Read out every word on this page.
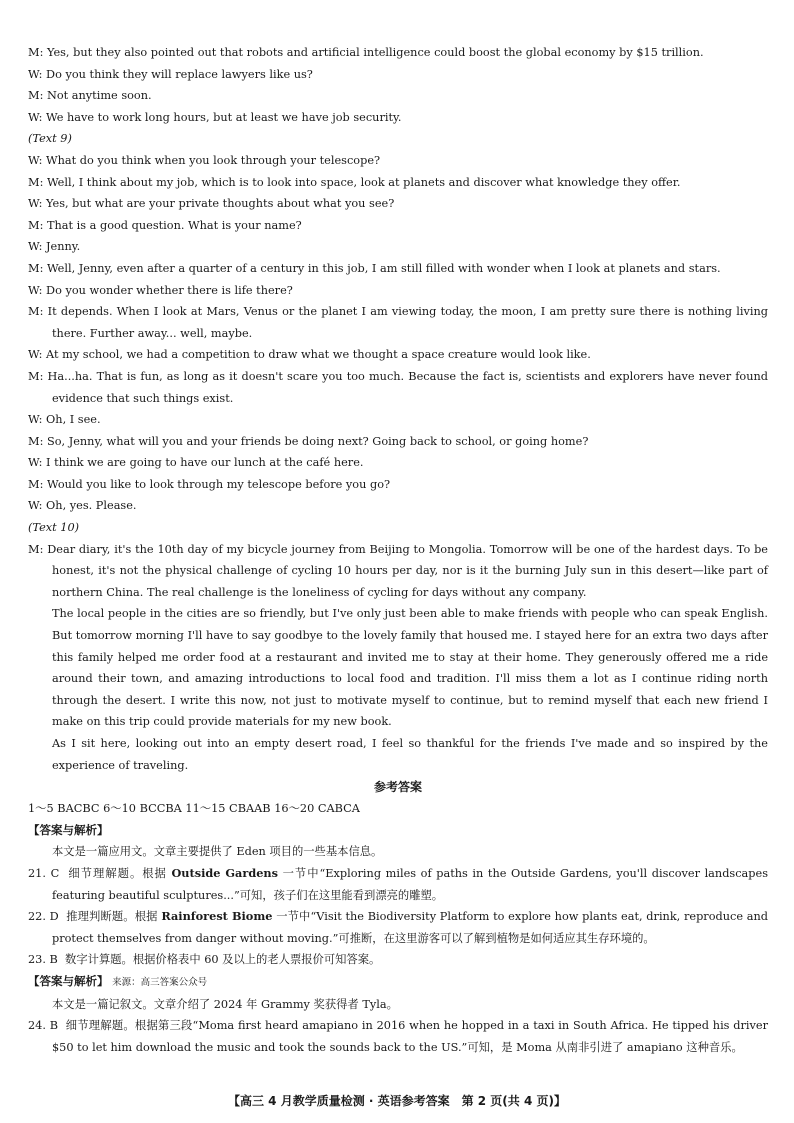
M: Yes, but they also pointed out that robots and artificial intelligence could boost the global economy by $15 trillion.
W: Do you think they will replace lawyers like us?
M: Not anytime soon.
W: We have to work long hours, but at least we have job security.
(Text 9)
W: What do you think when you look through your telescope?
M: Well, I think about my job, which is to look into space, look at planets and discover what knowledge they offer.
W: Yes, but what are your private thoughts about what you see?
M: That is a good question. What is your name?
W: Jenny.
M: Well, Jenny, even after a quarter of a century in this job, I am still filled with wonder when I look at planets and stars.
W: Do you wonder whether there is life there?
M: It depends. When I look at Mars, Venus or the planet I am viewing today, the moon, I am pretty sure there is nothing living there. Further away... well, maybe.
W: At my school, we had a competition to draw what we thought a space creature would look like.
M: Ha...ha. That is fun, as long as it doesn't scare you too much. Because the fact is, scientists and explorers have never found evidence that such things exist.
W: Oh, I see.
M: So, Jenny, what will you and your friends be doing next? Going back to school, or going home?
W: I think we are going to have our lunch at the café here.
M: Would you like to look through my telescope before you go?
W: Oh, yes. Please.
(Text 10)
M: Dear diary, it's the 10th day of my bicycle journey from Beijing to Mongolia. Tomorrow will be one of the hardest days. To be honest, it's not the physical challenge of cycling 10 hours per day, nor is it the burning July sun in this desert—like part of northern China. The real challenge is the loneliness of cycling for days without any company.
The local people in the cities are so friendly, but I've only just been able to make friends with people who can speak English. But tomorrow morning I'll have to say goodbye to the lovely family that housed me. I stayed here for an extra two days after this family helped me order food at a restaurant and invited me to stay at their home. They generously offered me a ride around their town, and amazing introductions to local food and tradition. I'll miss them a lot as I continue riding north through the desert. I write this now, not just to motivate myself to continue, but to remind myself that each new friend I make on this trip could provide materials for my new book.
As I sit here, looking out into an empty desert road, I feel so thankful for the friends I've made and so inspired by the experience of traveling.
参考答案
1～5 BACBC 6～10 BCCBA 11～15 CBAAB 16～20 CABCA
【答案与解析】
本文是一篇应用文。文章主要提供了 Eden 项目的一些基本信息。
21. C 细节理解题。根据 Outside Gardens 一节中“Exploring miles of paths in the Outside Gardens, you'll discover landscapes featuring beautiful sculptures...”可知，孩子们在这里能看到漂亮的雕塑。
22. D 推理判断题。根据 Rainforest Biome 一节中“Visit the Biodiversity Platform to explore how plants eat, drink, reproduce and protect themselves from danger without moving.”可推断，在这里游客可以了解到植物是如何适应其生存环境的。
23. B 数字计算题。根据价格表中 60 及以上的老人票报价可知答案。
【答案与解析】 来源：高三答案公众号
本文是一篇记叙文。文章介绍了 2024 年 Grammy 奖获得者 Tyla。
24. B 细节理解题。根据第三段“Moma first heard amapiano in 2016 when he hopped in a taxi in South Africa. He tipped his driver $50 to let him download the music and took the sounds back to the US.”可知，是 Moma 从南非引进了 amapiano 这种音乐。
【高三 4 月教学质量检测 · 英语参考答案　第 2 页(共 4 页)】
